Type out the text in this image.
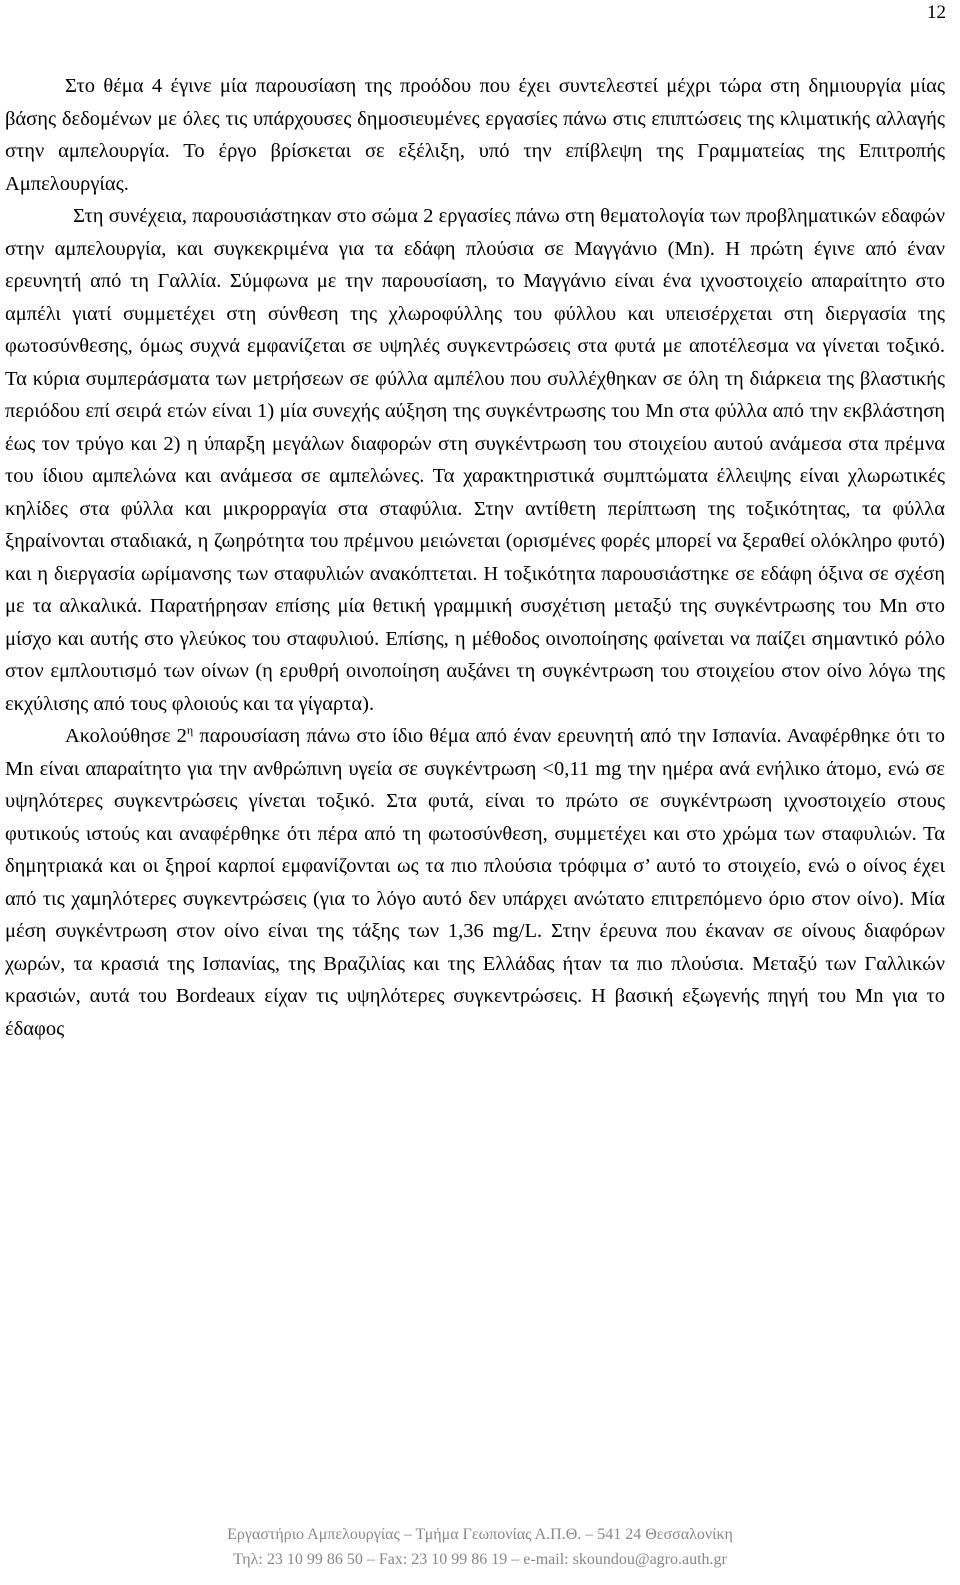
12

Στο θέμα 4 έγινε μία παρουσίαση της προόδου που έχει συντελεστεί μέχρι τώρα στη δημιουργία μίας βάσης δεδομένων με όλες τις υπάρχουσες δημοσιευμένες εργασίες πάνω στις επιπτώσεις της κλιματικής αλλαγής στην αμπελουργία. Το έργο βρίσκεται σε εξέλιξη, υπό την επίβλεψη της Γραμματείας της Επιτροπής Αμπελουργίας.

Στη συνέχεια, παρουσιάστηκαν στο σώμα 2 εργασίες πάνω στη θεματολογία των προβληματικών εδαφών στην αμπελουργία, και συγκεκριμένα για τα εδάφη πλούσια σε Μαγγάνιο (Mn). Η πρώτη έγινε από έναν ερευνητή από τη Γαλλία. Σύμφωνα με την παρουσίαση, το Μαγγάνιο είναι ένα ιχνοστοιχείο απαραίτητο στο αμπέλι γιατί συμμετέχει στη σύνθεση της χλωροφύλλης του φύλλου και υπεισέρχεται στη διεργασία της φωτοσύνθεσης, όμως συχνά εμφανίζεται σε υψηλές συγκεντρώσεις στα φυτά με αποτέλεσμα να γίνεται τοξικό. Τα κύρια συμπεράσματα των μετρήσεων σε φύλλα αμπέλου που συλλέχθηκαν σε όλη τη διάρκεια της βλαστικής περιόδου επί σειρά ετών είναι 1) μία συνεχής αύξηση της συγκέντρωσης του Mn στα φύλλα από την εκβλάστηση έως τον τρύγο και 2) η ύπαρξη μεγάλων διαφορών στη συγκέντρωση του στοιχείου αυτού ανάμεσα στα πρέμνα του ίδιου αμπελώνα και ανάμεσα σε αμπελώνες. Τα χαρακτηριστικά συμπτώματα έλλειψης είναι χλωρωτικές κηλίδες στα φύλλα και μικρορραγία στα σταφύλια. Στην αντίθετη περίπτωση της τοξικότητας, τα φύλλα ξηραίνονται σταδιακά, η ζωηρότητα του πρέμνου μειώνεται (ορισμένες φορές μπορεί να ξεραθεί ολόκληρο φυτό) και η διεργασία ωρίμανσης των σταφυλιών ανακόπτεται. Η τοξικότητα παρουσιάστηκε σε εδάφη όξινα σε σχέση με τα αλκαλικά. Παρατήρησαν επίσης μία θετική γραμμική συσχέτιση μεταξύ της συγκέντρωσης του Mn στο μίσχο και αυτής στο γλεύκος του σταφυλιού. Επίσης, η μέθοδος οινοποίησης φαίνεται να παίζει σημαντικό ρόλο στον εμπλουτισμό των οίνων (η ερυθρή οινοποίηση αυξάνει τη συγκέντρωση του στοιχείου στον οίνο λόγω της εκχύλισης από τους φλοιούς και τα γίγαρτα).

Ακολούθησε $2^\eta$ παρουσίαση πάνω στο ίδιο θέμα από έναν ερευνητή από την Ισπανία. Αναφέρθηκε ότι το Mn είναι απαραίτητο για την ανθρώπινη υγεία σε συγκέντρωση <0,11 mg την ημέρα ανά ενήλικο άτομο, ενώ σε υψηλότερες συγκεντρώσεις γίνεται τοξικό. Στα φυτά, είναι το πρώτο σε συγκέντρωση ιχνοστοιχείο στους φυτικούς ιστούς και αναφέρθηκε ότι πέρα από τη φωτοσύνθεση, συμμετέχει και στο χρώμα των σταφυλιών. Τα δημητριακά και οι ξηροί καρποί εμφανίζονται ως τα πιο πλούσια τρόφιμα σ’ αυτό το στοιχείο, ενώ ο οίνος έχει από τις χαμηλότερες συγκεντρώσεις (για το λόγο αυτό δεν υπάρχει ανώτατο επιτρεπόμενο όριο στον οίνο). Μία μέση συγκέντρωση στον οίνο είναι της τάξης των 1,36 mg/L. Στην έρευνα που έκαναν σε οίνους διαφόρων χωρών, τα κρασιά της Ισπανίας, της Βραζιλίας και της Ελλάδας ήταν τα πιο πλούσια. Μεταξύ των Γαλλικών κρασιών, αυτά του Bordeaux είχαν τις υψηλότερες συγκεντρώσεις. Η βασική εξωγενής πηγή του Mn για το έδαφος

Εργαστήριο Αμπελουργίας – Τμήμα Γεωπονίας Α.Π.Θ. – 541 24 Θεσσαλονίκη
Τηλ: 23 10 99 86 50 – Fax: 23 10 99 86 19 – e-mail: skoundou@agro.auth.gr
